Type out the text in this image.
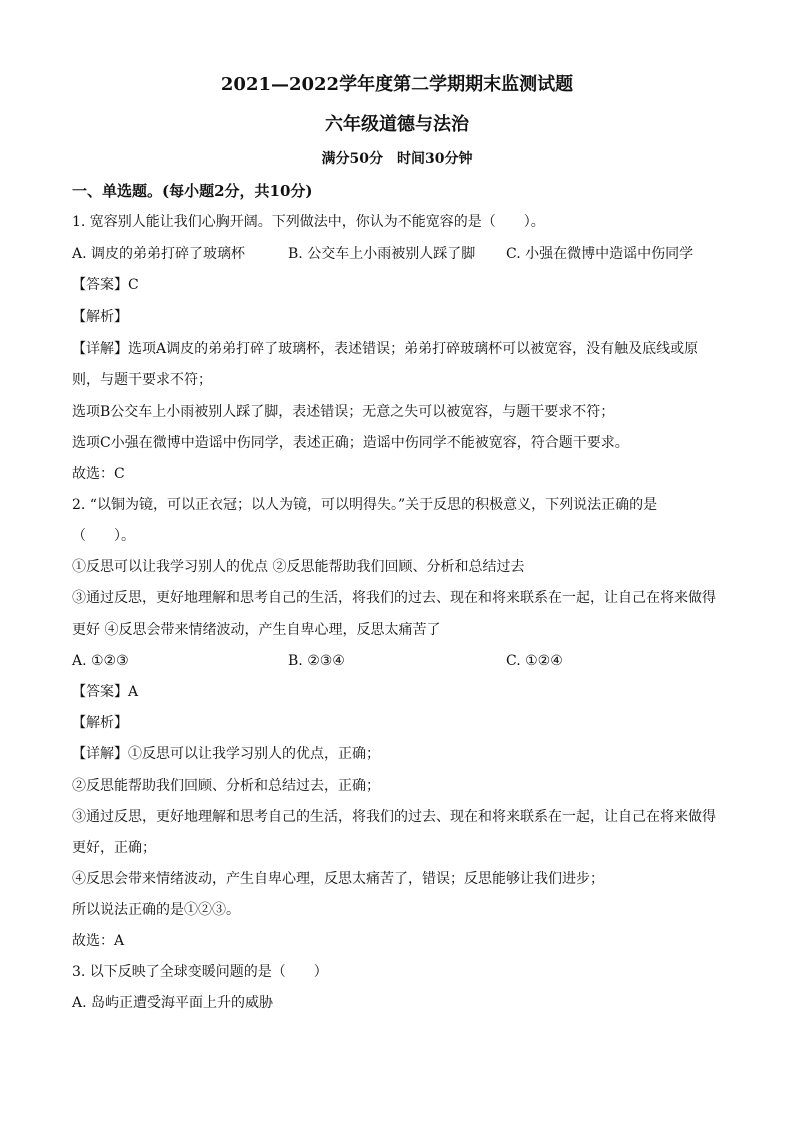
2021—2022学年度第二学期期末监测试题
六年级道德与法治
满分50分　时间30分钟
一、单选题。(每小题2分，共10分)
1. 宽容别人能让我们心胸开阔。下列做法中，你认为不能宽容的是（　　）。
A. 调皮的弟弟打碎了玻璃杯	B. 公交车上小雨被别人踩了脚 C. 小强在微博中造谣中伤同学
【答案】C
【解析】
【详解】选项A调皮的弟弟打碎了玻璃杯，表述错误；弟弟打碎玻璃杯可以被宽容，没有触及底线或原
则，与题干要求不符；
选项B公交车上小雨被别人踩了脚，表述错误；无意之失可以被宽容，与题干要求不符；
选项C小强在微博中造谣中伤同学，表述正确；造谣中伤同学不能被宽容，符合题干要求。
故选：C
2. “以铜为镜，可以正衣冠；以人为镜，可以明得失。”关于反思的积极意义，下列说法正确的是
（　　）。
①反思可以让我学习别人的优点 ②反思能帮助我们回顾、分析和总结过去
③通过反思，更好地理解和思考自己的生活，将我们的过去、现在和将来联系在一起，让自己在将来做得
更好 ④反思会带来情绪波动，产生自卑心理，反思太痛苦了
A. ①②③	B. ②③④	C. ①②④
【答案】A
【解析】
【详解】①反思可以让我学习别人的优点，正确；
②反思能帮助我们回顾、分析和总结过去，正确；
③通过反思，更好地理解和思考自己的生活，将我们的过去、现在和将来联系在一起，让自己在将来做得
更好，正确；
④反思会带来情绪波动，产生自卑心理，反思太痛苦了，错误；反思能够让我们进步；
所以说法正确的是①②③。
故选：A
3. 以下反映了全球变暖问题的是（　　）
A. 岛屿正遭受海平面上升的威胁
